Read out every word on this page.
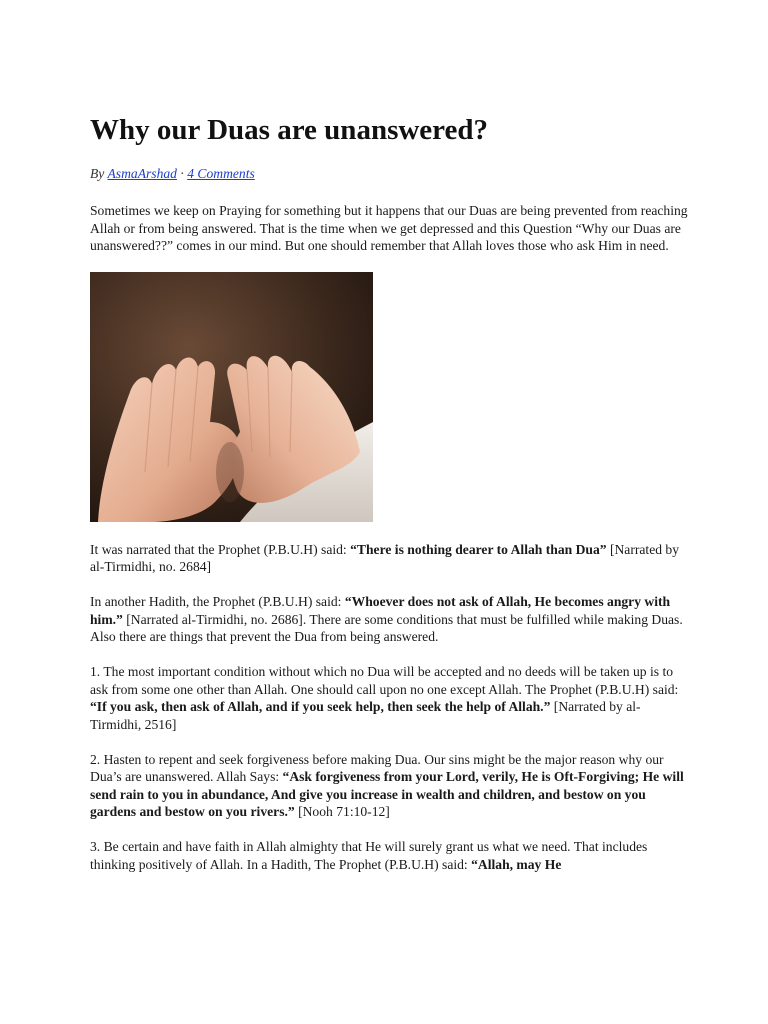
Why our Duas are unanswered?
By AsmaArshad · 4 Comments

Sometimes we keep on Praying for something but it happens that our Duas are being prevented from reaching Allah or from being answered. That is the time when we get depressed and this Question “Why our Duas are unanswered??” comes in our mind. But one should remember that Allah loves those who ask Him in need.

It was narrated that the Prophet (P.B.U.H) said: “There is nothing dearer to Allah than Dua” [Narrated by al-Tirmidhi, no. 2684]

In another Hadith, the Prophet (P.B.U.H) said: “Whoever does not ask of Allah, He becomes angry with him.” [Narrated al-Tirmidhi, no. 2686]. There are some conditions that must be fulfilled while making Duas. Also there are things that prevent the Dua from being answered.

1. The most important condition without which no Dua will be accepted and no deeds will be taken up is to ask from some one other than Allah. One should call upon no one except Allah. The Prophet (P.B.U.H) said: “If you ask, then ask of Allah, and if you seek help, then seek the help of Allah.” [Narrated by al-Tirmidhi, 2516]

2. Hasten to repent and seek forgiveness before making Dua. Our sins might be the major reason why our Dua’s are unanswered. Allah Says: “Ask forgiveness from your Lord, verily, He is Oft-Forgiving; He will send rain to you in abundance, And give you increase in wealth and children, and bestow on you gardens and bestow on you rivers.” [Nooh 71:10-12]

3. Be certain and have faith in Allah almighty that He will surely grant us what we need. That includes thinking positively of Allah. In a Hadith, The Prophet (P.B.U.H) said: “Allah, may He
